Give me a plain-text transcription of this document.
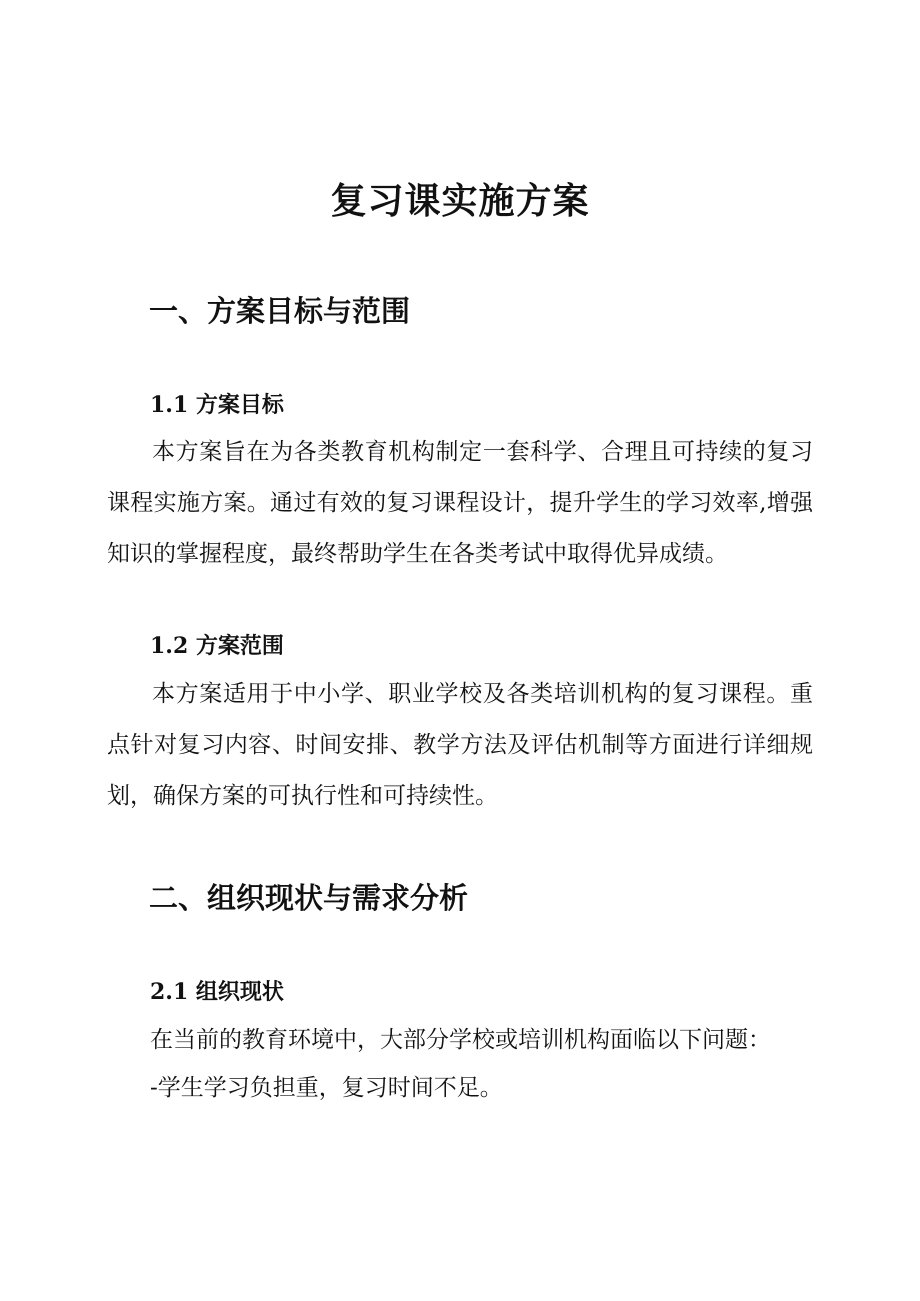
复习课实施方案
一、方案目标与范围
1.1 方案目标

本方案旨在为各类教育机构制定一套科学、合理且可持续的复习课程实施方案。通过有效的复习课程设计，提升学生的学习效率,增强知识的掌握程度，最终帮助学生在各类考试中取得优异成绩。

1.2 方案范围

本方案适用于中小学、职业学校及各类培训机构的复习课程。重点针对复习内容、时间安排、教学方法及评估机制等方面进行详细规划，确保方案的可执行性和可持续性。

二、组织现状与需求分析
2.1 组织现状

在当前的教育环境中，大部分学校或培训机构面临以下问题：

-学生学习负担重，复习时间不足。
